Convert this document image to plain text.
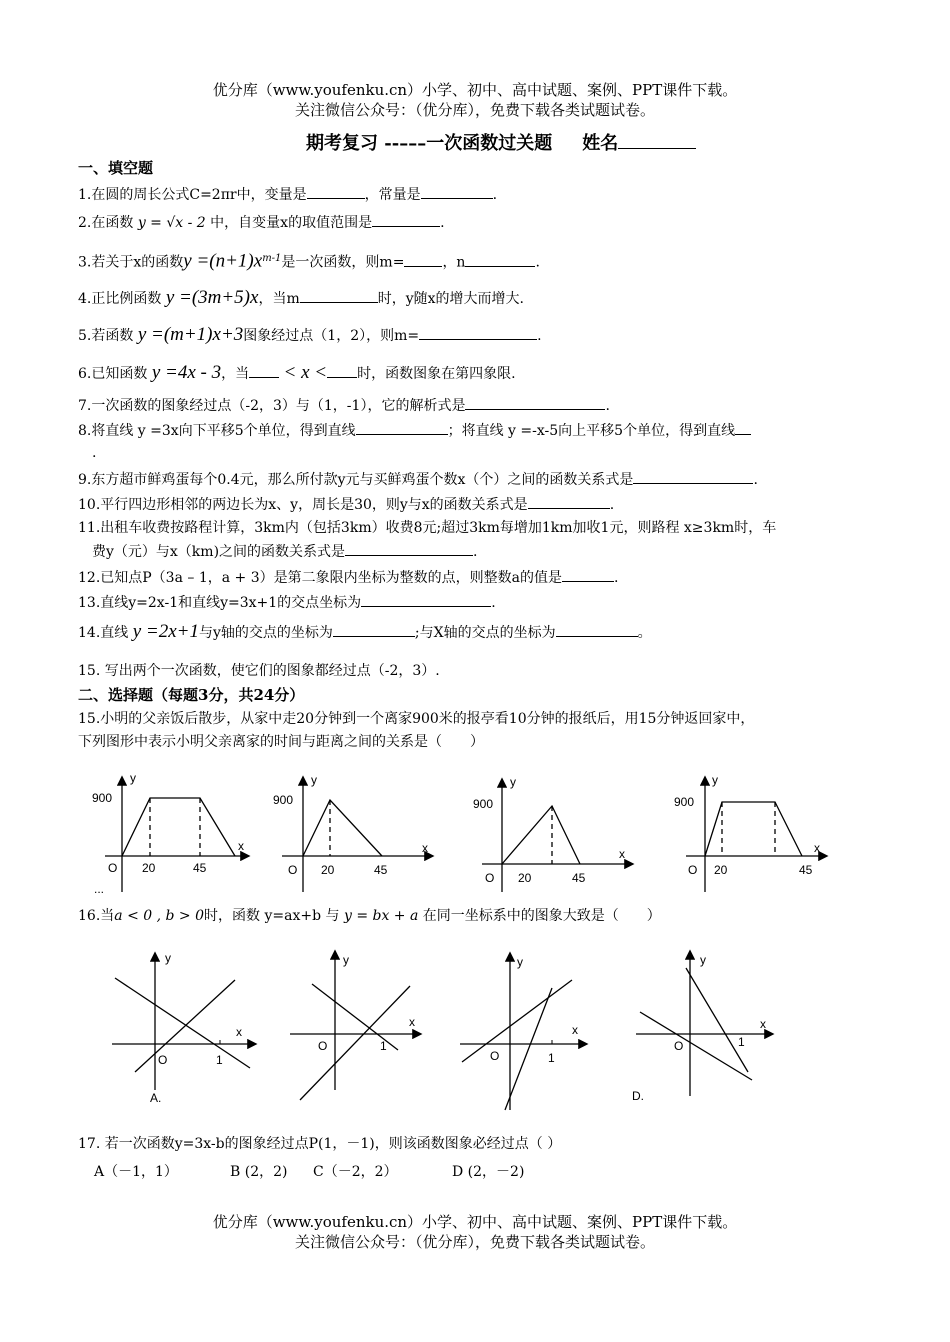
优分库（www.youfenku.cn）小学、初中、高中试题、案例、PPT课件下载。
关注微信公众号：（优分库），免费下载各类试题试卷。
期考复习 --–––一次函数过关题 姓名
一、填空题
1.在圆的周长公式C=2πr中，变量是	，常量是	.
2.在函数 y = √x - 2 中，自变量x的取值范围是	.
3.若关于x的函数$y =(n+1)x^{m-1}$是一次函数，则m=	，n	.
4.正比例函数 y =(3m+5)x，当m	时，y随x的增大而增大.
5.若函数 y =(m+1)x+3图象经过点（1，2），则m=	.
6.已知函数 y =4x - 3，当 < x < 时，函数图象在第四象限.
7.一次函数的图象经过点（-2，3）与（1，-1），它的解析式是	.
8.将直线 y =3x向下平移5个单位，得到直线	；将直线 y =-x-5向上平移5个单位，得到直线
.
9.东方超市鲜鸡蛋每个0.4元，那么所付款y元与买鲜鸡蛋个数x（个）之间的函数关系式是	.
10.平行四边形相邻的两边长为x、y，周长是30，则y与x的函数关系式是	.
11.出租车收费按路程计算，3km内（包括3km）收费8元;超过3km每增加1km加收1元，则路程 x≥3km时，车
费y（元）与x（km)之间的函数关系式是	.
12.已知点P（3a – 1，a + 3）是第二象限内坐标为整数的点，则整数a的值是	.
13.直线y=2x-1和直线y=3x+1的交点坐标为	.
14.直线 y =2x+1与y轴的交点的坐标为	;与X轴的交点的坐标为	。
15. 写出两个一次函数，使它们的图象都经过点（-2，3）.
二、选择题（每题3分，共24分）
15.小明的父亲饭后散步，从家中走20分钟到一个离家900米的报亭看10分钟的报纸后，用15分钟返回家中，
下列图形中表示小明父亲离家的时间与距离之间的关系是（　　）
y
x
900
O 20	45
...
y
x
900
O 20	45
y
x
900
O 20	45
y
x
900
O 20	45
16.当a < 0 , b > 0时，函数 y=ax+b 与 y = bx + a 在同一坐标系中的图象大致是（　　）
y
x
O	1
A.
y
x
O	1
y
x
O	1
y
x
O	1
D.
17. 若一次函数y=3x-b的图象经过点P(1，－1)，则该函数图象必经过点（ ）
A（－1，1）	B (2，2) C（－2，2）	D (2，－2)
优分库（www.youfenku.cn）小学、初中、高中试题、案例、PPT课件下载。
关注微信公众号：（优分库），免费下载各类试题试卷。
